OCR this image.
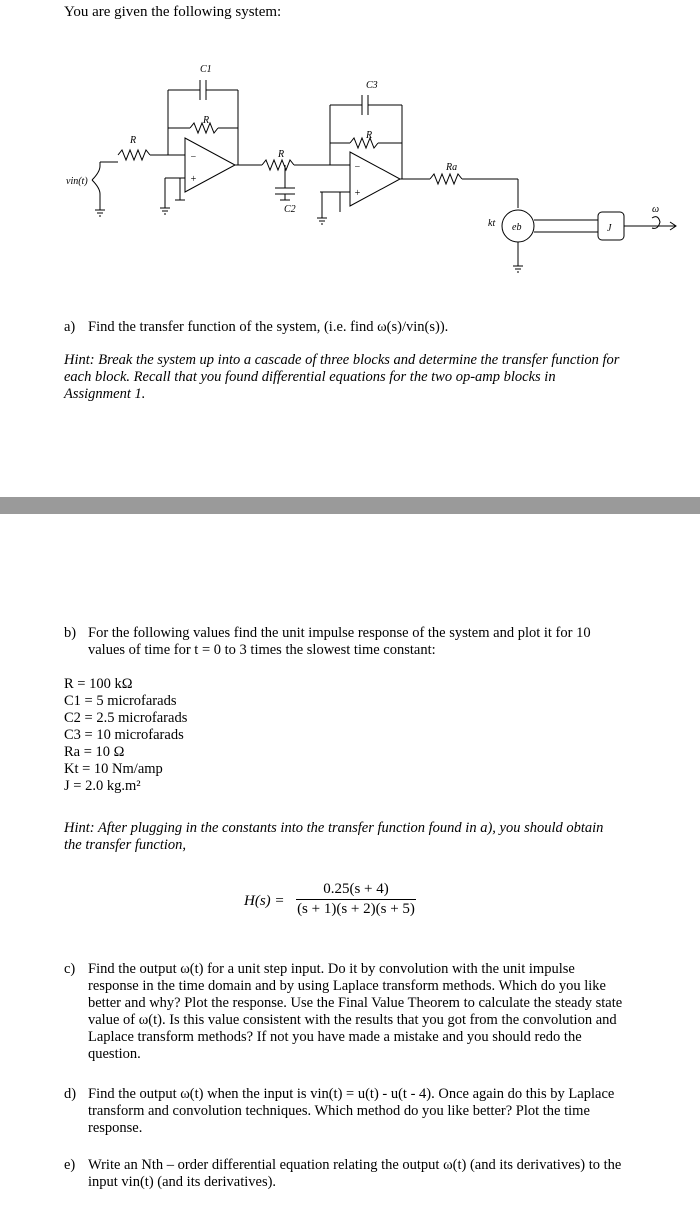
You are given the following system:
C1
C3
C2
R
R
R
R
Ra
vin(t)
kt eb	J
ω
−
+
−
+
a) Find the transfer function of the system, (i.e. find ω(s)/vin(s)).
Hint: Break the system up into a cascade of three blocks and determine the transfer function for each block. Recall that you found differential equations for the two op-amp blocks in Assignment 1.
b) For the following values find the unit impulse response of the system and plot it for 10 values of time for t = 0 to 3 times the slowest time constant:
R = 100 kΩ
C1 = 5 microfarads
C2 = 2.5 microfarads
C3 = 10 microfarads
Ra = 10 Ω
Kt = 10 Nm/amp
J = 2.0 kg.m²
Hint: After plugging in the constants into the transfer function found in a), you should obtain the transfer function,
$H(s) = \frac{0.25(s + 4)}{(s + 1)(s + 2)(s + 5)}$
c) Find the output ω(t) for a unit step input. Do it by convolution with the unit impulse response in the time domain and by using Laplace transform methods. Which do you like better and why? Plot the response. Use the Final Value Theorem to calculate the steady state value of ω(t). Is this value consistent with the results that you got from the convolution and Laplace transform methods? If not you have made a mistake and you should redo the question.
d) Find the output ω(t) when the input is vin(t) = u(t) - u(t - 4). Once again do this by Laplace transform and convolution techniques. Which method do you like better? Plot the time response.
e) Write an Nth – order differential equation relating the output ω(t) (and its derivatives) to the input vin(t) (and its derivatives).
